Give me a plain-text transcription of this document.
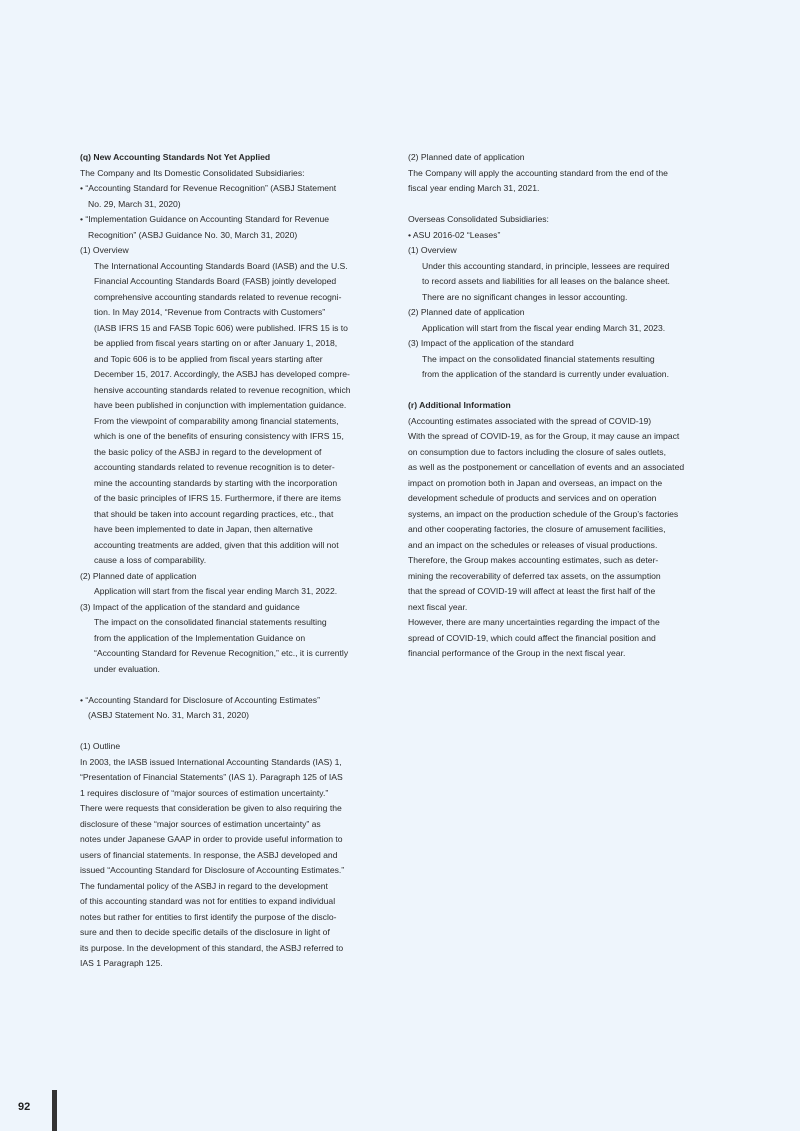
(q) New Accounting Standards Not Yet Applied

The Company and Its Domestic Consolidated Subsidiaries:

• “Accounting Standard for Revenue Recognition” (ASBJ Statement

No. 29, March 31, 2020)

• “Implementation Guidance on Accounting Standard for Revenue

Recognition” (ASBJ Guidance No. 30, March 31, 2020)

(1) Overview

The International Accounting Standards Board (IASB) and the U.S.

Financial Accounting Standards Board (FASB) jointly developed

comprehensive accounting standards related to revenue recogni-

tion. In May 2014, “Revenue from Contracts with Customers”

(IASB IFRS 15 and FASB Topic 606) were published. IFRS 15 is to

be applied from fiscal years starting on or after January 1, 2018,

and Topic 606 is to be applied from fiscal years starting after

December 15, 2017. Accordingly, the ASBJ has developed compre-

hensive accounting standards related to revenue recognition, which

have been published in conjunction with implementation guidance.

From the viewpoint of comparability among financial statements,

which is one of the benefits of ensuring consistency with IFRS 15,

the basic policy of the ASBJ in regard to the development of

accounting standards related to revenue recognition is to deter-

mine the accounting standards by starting with the incorporation

of the basic principles of IFRS 15. Furthermore, if there are items

that should be taken into account regarding practices, etc., that

have been implemented to date in Japan, then alternative

accounting treatments are added, given that this addition will not

cause a loss of comparability.

(2) Planned date of application

Application will start from the fiscal year ending March 31, 2022.

(3) Impact of the application of the standard and guidance

The impact on the consolidated financial statements resulting

from the application of the Implementation Guidance on

“Accounting Standard for Revenue Recognition,” etc., it is currently

under evaluation.

• “Accounting Standard for Disclosure of Accounting Estimates”

(ASBJ Statement No. 31, March 31, 2020)

(1) Outline

In 2003, the IASB issued International Accounting Standards (IAS) 1,

“Presentation of Financial Statements” (IAS 1). Paragraph 125 of IAS

1 requires disclosure of “major sources of estimation uncertainty.”

There were requests that consideration be given to also requiring the

disclosure of these “major sources of estimation uncertainty” as

notes under Japanese GAAP in order to provide useful information to

users of financial statements. In response, the ASBJ developed and

issued “Accounting Standard for Disclosure of Accounting Estimates.”

The fundamental policy of the ASBJ in regard to the development

of this accounting standard was not for entities to expand individual

notes but rather for entities to first identify the purpose of the disclo-

sure and then to decide specific details of the disclosure in light of

its purpose. In the development of this standard, the ASBJ referred to

IAS 1 Paragraph 125.

(2) Planned date of application

The Company will apply the accounting standard from the end of the

fiscal year ending March 31, 2021.

Overseas Consolidated Subsidiaries:

• ASU 2016-02 “Leases”

(1) Overview

Under this accounting standard, in principle, lessees are required

to record assets and liabilities for all leases on the balance sheet.

There are no significant changes in lessor accounting.

(2) Planned date of application

Application will start from the fiscal year ending March 31, 2023.

(3) Impact of the application of the standard

The impact on the consolidated financial statements resulting

from the application of the standard is currently under evaluation.

(r) Additional Information

(Accounting estimates associated with the spread of COVID-19)

With the spread of COVID-19, as for the Group, it may cause an impact

on consumption due to factors including the closure of sales outlets,

as well as the postponement or cancellation of events and an associated

impact on promotion both in Japan and overseas, an impact on the

development schedule of products and services and on operation

systems, an impact on the production schedule of the Group’s factories

and other cooperating factories, the closure of amusement facilities,

and an impact on the schedules or releases of visual productions.

Therefore, the Group makes accounting estimates, such as deter-

mining the recoverability of deferred tax assets, on the assumption

that the spread of COVID-19 will affect at least the first half of the

next fiscal year.

However, there are many uncertainties regarding the impact of the

spread of COVID-19, which could affect the financial position and

financial performance of the Group in the next fiscal year.

92
